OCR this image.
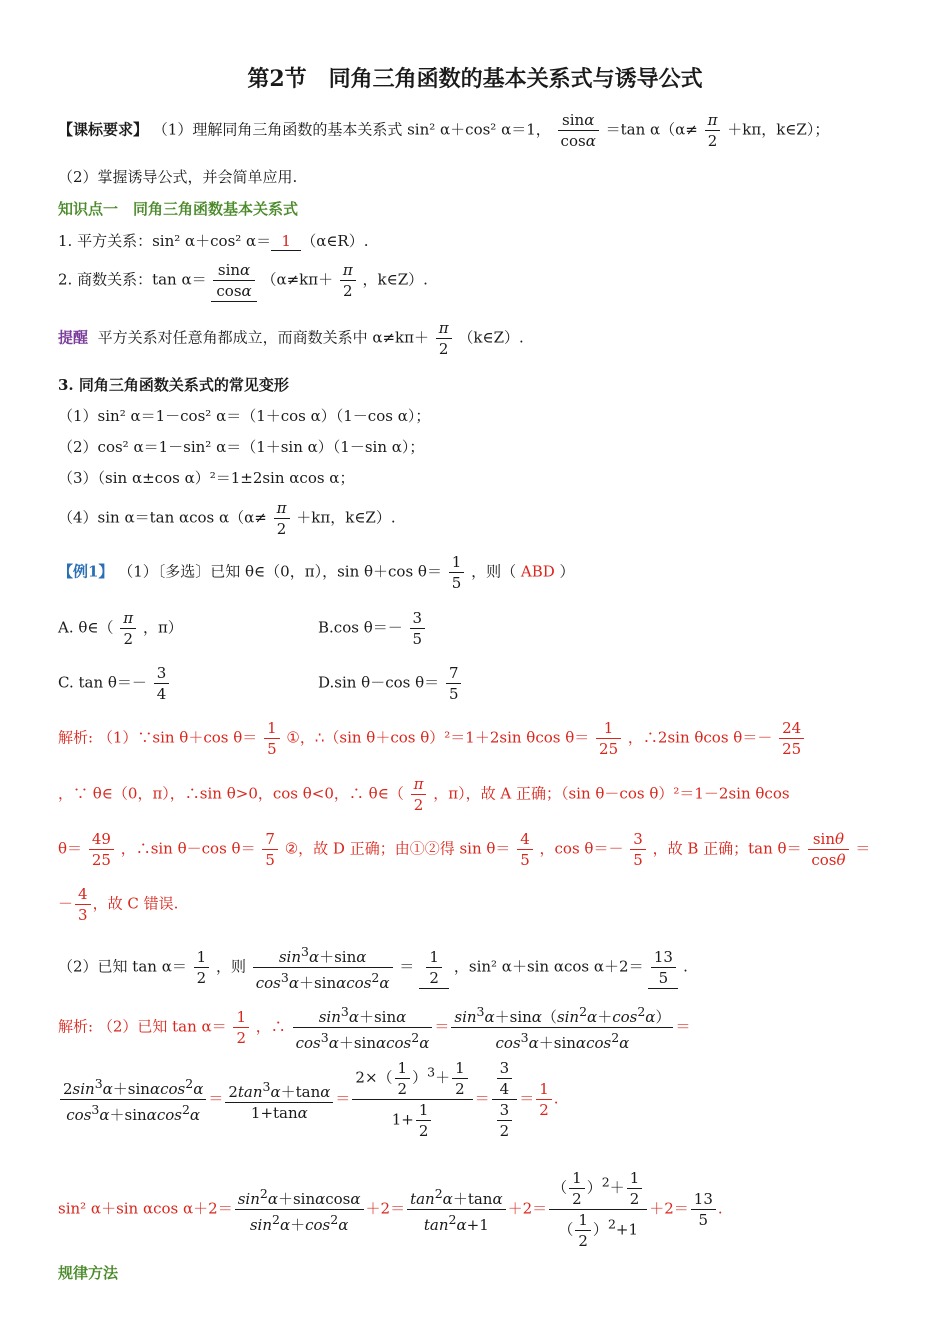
第2节　同角三角函数的基本关系式与诱导公式
【课标要求】 （1）理解同角三角函数的基本关系式 sin² α＋cos² α＝1， $\frac{\sin\alpha}{\cos\alpha} =\tan$ $\alpha(\alpha\ne \frac{\pi}{2} +k\pi$，k∈Z）；
（2）掌握诱导公式，并会简单应用.
知识点一　同角三角函数基本关系式
1. 平方关系：sin² α＋cos² α＝ 1 （α∈R）.
2. 商数关系：$\tan \alpha= \frac{\sin\alpha}{\cos\alpha} (\alpha\ne k\pi+ \frac{\pi}{2}$ ，k∈Z）.
提醒 平方关系对任意角都成立，而商数关系中 $\alpha\ne k\pi+ \frac{\pi}{2}$ （k∈Z）.
3. 同角三角函数关系式的常见变形
（1）sin² α＝1－cos² α＝（1＋cos α）（1－cos α）；
（2）cos² α＝1－sin² α＝（1＋sin α）（1－sin α）；
（3）（sin α±cos α）²＝1±2sin αcos α；
（4）sin α＝tan αcos $\alpha(\alpha\ne \frac{\pi}{2} +k\pi$，k∈Z）.
【例1】 （1）〔多选〕已知 θ∈（0，π），sin θ＋cos $\theta= \frac{1}{5}$ ，则（ ABD ）
A. θ∈（ $\frac{\pi}{2}$ ，π）	B.cos $\theta=- \frac{3}{5}$
C. $\tan \theta=- \frac{3}{4}$	D.sin θ－cos $\theta= \frac{7}{5}$
解析: （1）∵sin θ＋cos $\theta= \frac{1}{5}$ ①，∴（sin θ＋cos θ）²＝1＋2sin θcos $\theta= \frac{1}{25}$ ，∴2sin θcos $\theta=- \frac{24}{25}$
，∵ θ∈（0，π），∴sin θ>0，cos θ<0，∴ θ∈（ $\frac{\pi}{2}$ ，π），故 A 正确；（sin θ－cos θ）²＝1－2sin θcos
$\theta= \frac{49}{25}$ ，∴sin θ－cos $\theta= \frac{7}{5}$ ②，故 D 正确；由①②得 $\sin \theta= \frac{4}{5}$ ，$\cos \theta=- \frac{3}{5}$ ，故 B 正确；$\tan \theta= \frac{\sin\theta}{\cos\theta}$ ＝
－ $\frac{4}{3}$ ，故 C 错误.
（2）已知 $\tan \alpha= \frac{1}{2}$ ，则 $\frac{\sin^3\alpha+\sin\alpha}{\cos^3\alpha+\sin\alpha\cos^2\alpha} = \frac{1}{2}$ ，sin² α＋sin αcos $\alpha+2= \frac{13}{5}$ .
解析: （2）已知 $\tan \alpha= \frac{1}{2}$ ，∴ $\frac{\sin^3\alpha+\sin\alpha}{\cos^3\alpha+\sin\alpha\cos^2\alpha} = \frac{\sin^3\alpha+\sin\alpha(\sin^2\alpha+\cos^2\alpha)}{\cos^3\alpha+\sin\alpha\cos^2\alpha}$ ＝
$\frac{2\sin^3\alpha+\sin\alpha\cos^2\alpha}{\cos^3\alpha+\sin\alpha\cos^2\alpha} = \frac{2\tan^3\alpha+\tan\alpha}{1+\tan\alpha} = \frac{2\times( \frac{1}{2} )^3+ \frac{1}{2}}{1+ \frac{1}{2}} = \frac{\frac{3}{4}}{\frac{3}{2}} = \frac{1}{2}$ .
sin² α＋sin αcos $\alpha+2= \frac{\sin^2\alpha+\sin\alpha\cos\alpha}{\sin^2\alpha+\cos^2\alpha} +2= \frac{\tan^2\alpha+\tan\alpha}{\tan^2\alpha+1} +2= \frac{( \frac{1}{2} )^2+ \frac{1}{2}}{( \frac{1}{2} )^2+1} +2= \frac{13}{5}$ .
规律方法
